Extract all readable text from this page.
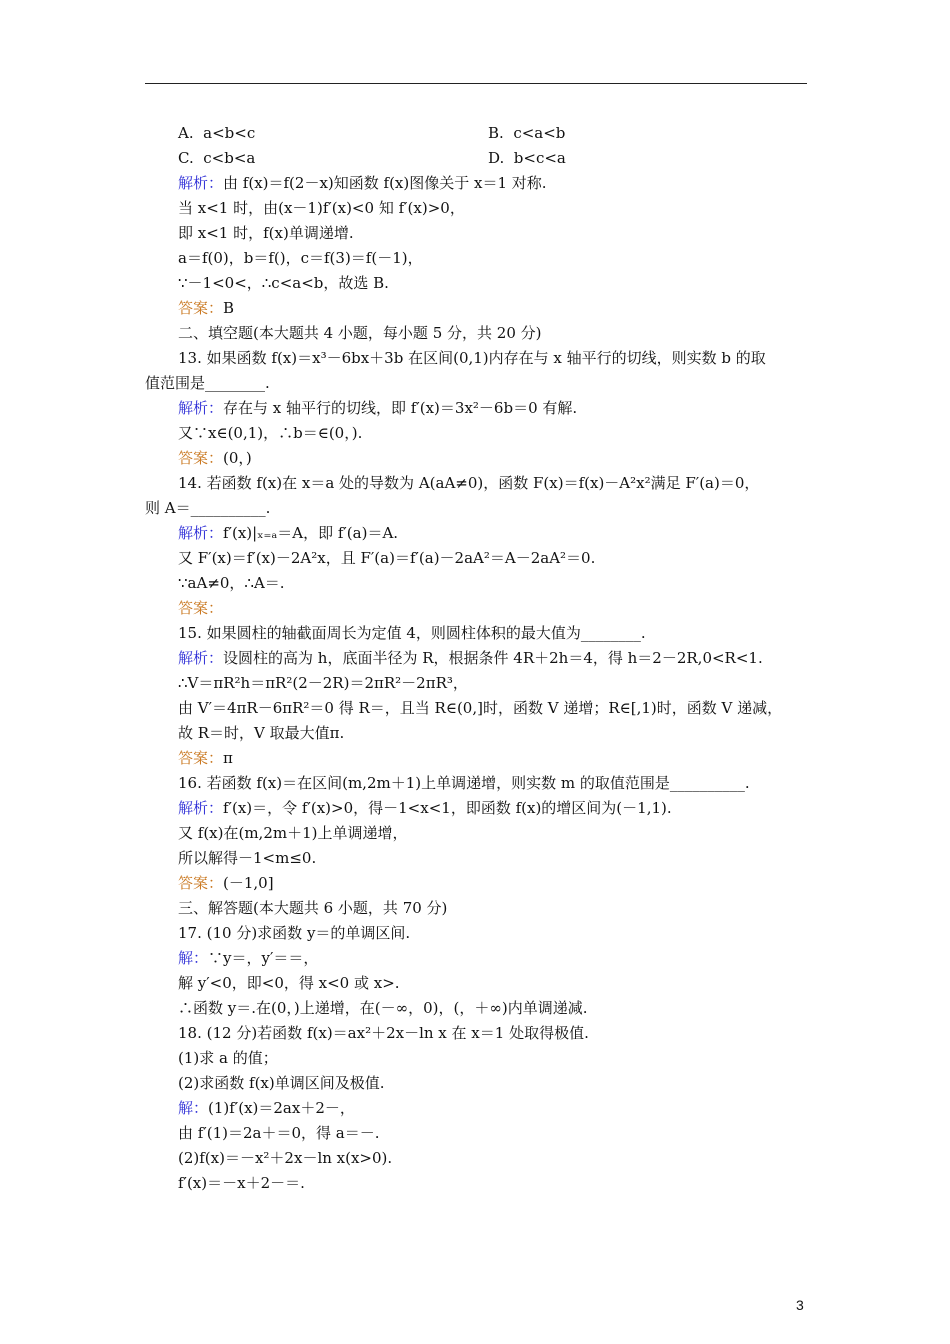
A.  a<b<c	B.  c<a<b
C.  c<b<a	D.  b<c<a
解析：由 f(x)＝f(2－x)知函数 f(x)图像关于 x＝1 对称.
当 x<1 时，由(x－1)f′(x)<0 知 f′(x)>0，
即 x<1 时，f(x)单调递增.
a＝f(0)，b＝f()，c＝f(3)＝f(－1)，
∵－1<0<，∴c<a<b，故选 B.
答案：B
二、填空题(本大题共 4 小题，每小题 5 分，共 20 分)
13. 如果函数 f(x)＝x³－6bx＋3b 在区间(0,1)内存在与 x 轴平行的切线，则实数 b 的取
值范围是________.
解析：存在与 x 轴平行的切线，即 f′(x)＝3x²－6b＝0 有解.
又∵x∈(0,1)，∴b＝∈(0，).
答案：(0，)
14. 若函数 f(x)在 x＝a 处的导数为 A(aA≠0)，函数 F(x)＝f(x)－A²x²满足 F′(a)＝0，
则 A＝__________.
解析：f′(x)|ₓ₌ₐ＝A，即 f′(a)＝A.
又 F′(x)＝f′(x)－2A²x，且 F′(a)＝f′(a)－2aA²＝A－2aA²＝0.
∵aA≠0，∴A＝.
答案：
15. 如果圆柱的轴截面周长为定值 4，则圆柱体积的最大值为________.
解析：设圆柱的高为 h，底面半径为 R，根据条件 4R＋2h＝4，得 h＝2－2R,0<R<1.
∴V＝πR²h＝πR²(2－2R)＝2πR²－2πR³，
由 V′＝4πR－6πR²＝0 得 R＝，且当 R∈(0,]时，函数 V 递增；R∈[,1)时，函数 V 递减，
故 R＝时，V 取最大值π.
答案：π
16. 若函数 f(x)＝在区间(m,2m＋1)上单调递增，则实数 m 的取值范围是__________.
解析：f′(x)＝，令 f′(x)>0，得－1<x<1，即函数 f(x)的增区间为(－1,1).
又 f(x)在(m,2m＋1)上单调递增，
所以解得－1<m≤0.
答案：(－1,0]
三、解答题(本大题共 6 小题，共 70 分)
17. (10 分)求函数 y＝的单调区间.
解：∵y＝，y′＝＝，
解 y′<0，即<0，得 x<0 或 x>.
∴函数 y＝.在(0，)上递增，在(－∞，0)，(，＋∞)内单调递减.
18. (12 分)若函数 f(x)＝ax²＋2x－ln x 在 x＝1 处取得极值.
(1)求 a 的值；
(2)求函数 f(x)单调区间及极值.
解：(1)f′(x)＝2ax＋2－，
由 f′(1)＝2a＋＝0，得 a＝－.
(2)f(x)＝－x²＋2x－ln x(x>0).
f′(x)＝－x＋2－＝.
3
